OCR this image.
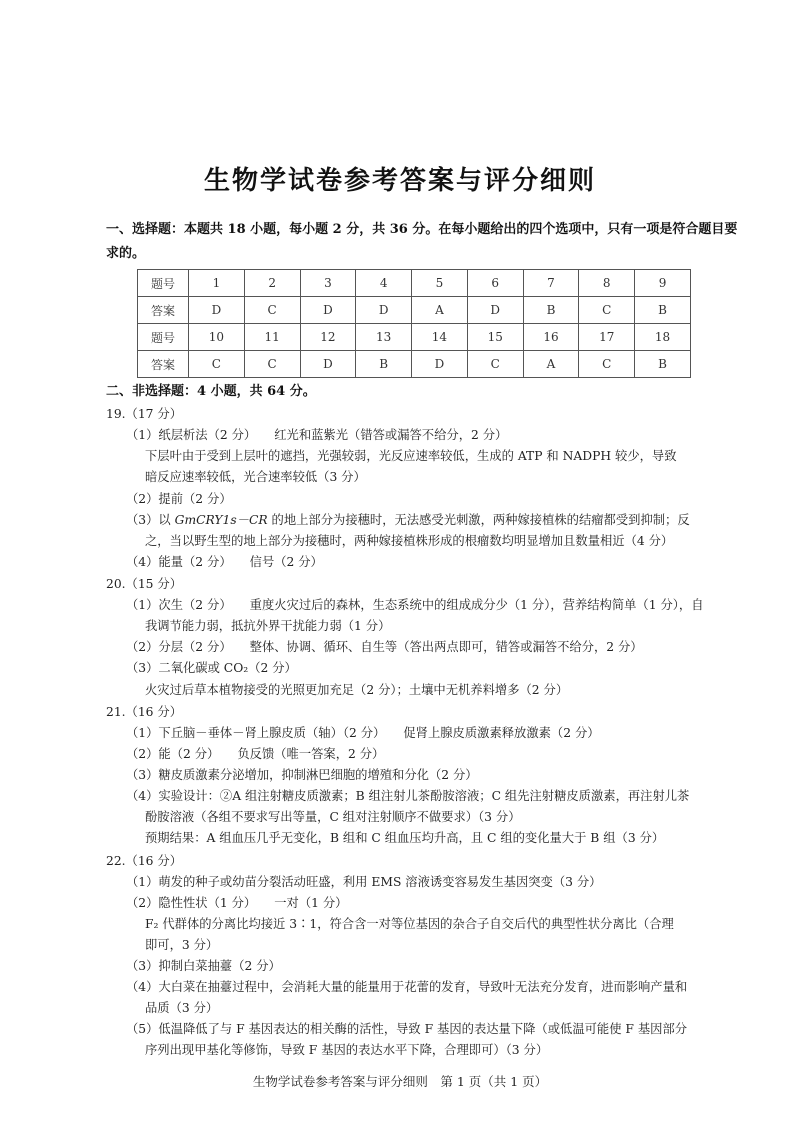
生物学试卷参考答案与评分细则
一、选择题：本题共 18 小题，每小题 2 分，共 36 分。在每小题给出的四个选项中，只有一项是符合题目要
求的。
题号	1	2	3	4	5	6	7	8	9
答案	D	C	D	D	A	D	B	C	B
题号	10	11	12	13	14	15	16	17	18
答案	C	C	D	B	D	C	A	C	B
二、非选择题：4 小题，共 64 分。
19.（17 分）
（1）纸层析法（2 分） 红光和蓝紫光（错答或漏答不给分，2 分）
下层叶由于受到上层叶的遮挡，光强较弱，光反应速率较低，生成的 ATP 和 NADPH 较少，导致
暗反应速率较低，光合速率较低（3 分）
（2）提前（2 分）
（3）以 GmCRY1s－CR 的地上部分为接穗时，无法感受光刺激，两种嫁接植株的结瘤都受到抑制；反
之，当以野生型的地上部分为接穗时，两种嫁接植株形成的根瘤数均明显增加且数量相近（4 分）
（4）能量（2 分） 信号（2 分）
20.（15 分）
（1）次生（2 分） 重度火灾过后的森林，生态系统中的组成成分少（1 分），营养结构简单（1 分），自
我调节能力弱，抵抗外界干扰能力弱（1 分）
（2）分层（2 分） 整体、协调、循环、自生等（答出两点即可，错答或漏答不给分，2 分）
（3）二氧化碳或 CO₂（2 分）
火灾过后草本植物接受的光照更加充足（2 分）；土壤中无机养料增多（2 分）
21.（16 分）
（1）下丘脑－垂体－肾上腺皮质（轴）（2 分） 促肾上腺皮质激素释放激素（2 分）
（2）能（2 分） 负反馈（唯一答案，2 分）
（3）糖皮质激素分泌增加，抑制淋巴细胞的增殖和分化（2 分）
（4）实验设计：②A 组注射糖皮质激素；B 组注射儿茶酚胺溶液；C 组先注射糖皮质激素，再注射儿茶
酚胺溶液（各组不要求写出等量，C 组对注射顺序不做要求）（3 分）
预期结果：A 组血压几乎无变化，B 组和 C 组血压均升高，且 C 组的变化量大于 B 组（3 分）
22.（16 分）
（1）萌发的种子或幼苗分裂活动旺盛，利用 EMS 溶液诱变容易发生基因突变（3 分）
（2）隐性性状（1 分） 一对（1 分）
F₂ 代群体的分离比均接近 3∶1，符合含一对等位基因的杂合子自交后代的典型性状分离比（合理
即可，3 分）
（3）抑制白菜抽薹（2 分）
（4）大白菜在抽薹过程中，会消耗大量的能量用于花蕾的发育，导致叶无法充分发育，进而影响产量和
品质（3 分）
（5）低温降低了与 F 基因表达的相关酶的活性，导致 F 基因的表达量下降（或低温可能使 F 基因部分
序列出现甲基化等修饰，导致 F 基因的表达水平下降，合理即可）（3 分）
生物学试卷参考答案与评分细则　第 1 页（共 1 页）
